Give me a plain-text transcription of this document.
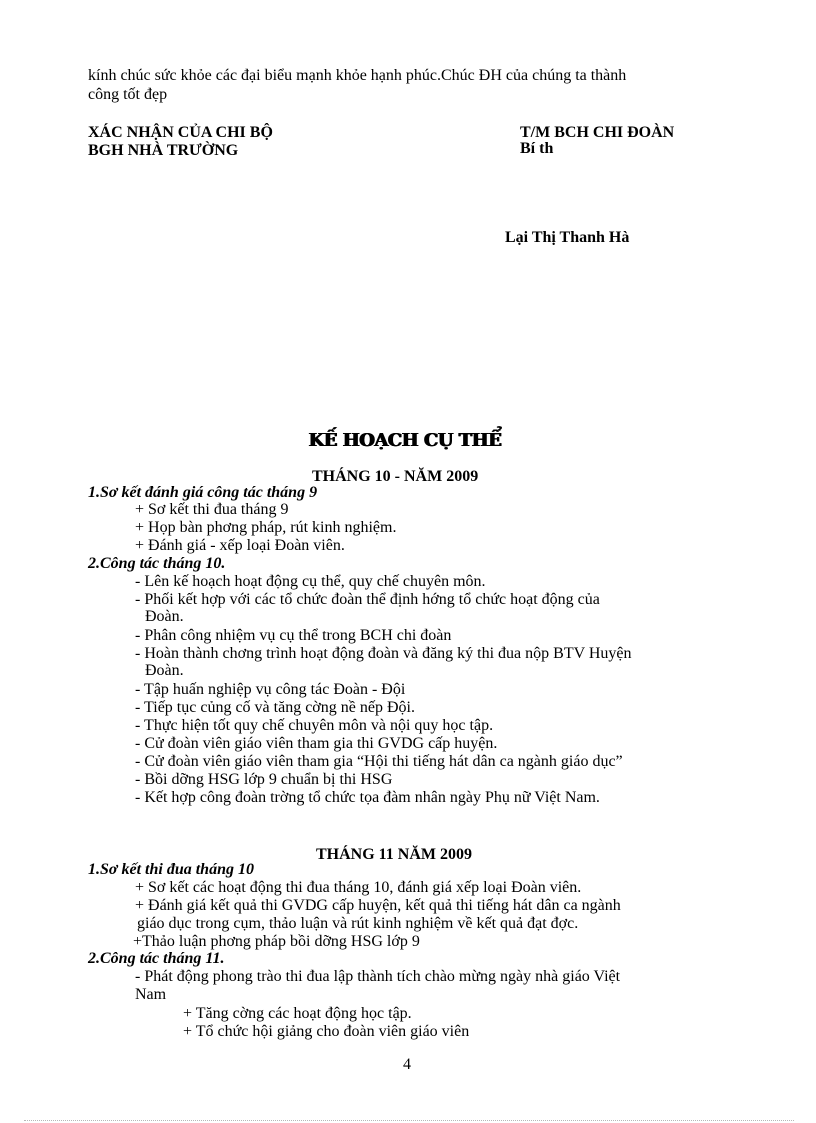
kính chúc sức khỏe các đại biểu mạnh khỏe hạnh phúc.Chúc ĐH của chúng ta thành
công tốt đẹp
XÁC NHẬN CỦA CHI BỘ
BGH NHÀ TRƯỜNG
T/M BCH CHI ĐOÀN
Bí th
Lại Thị Thanh Hà
KẾ HOẠCH CỤ THỂ
THÁNG 10 - NĂM 2009
1.Sơ kết đánh giá công tác tháng 9
+ Sơ kết thi đua tháng 9
+ Họp bàn phơng pháp, rút kinh nghiệm.
+ Đánh giá - xếp loại Đoàn viên.
2.Công tác tháng 10.
- Lên kế hoạch hoạt động cụ thể, quy chế chuyên môn.
- Phối kết hợp với các tổ chức đoàn thể định hớng tổ chức hoạt động của
Đoàn.
- Phân công nhiệm vụ cụ thể trong BCH chi đoàn
- Hoàn thành chơng trình hoạt động đoàn và đăng ký thi đua nộp BTV Huyện
Đoàn.
- Tập huấn nghiệp vụ công tác Đoàn - Đội
- Tiếp tục củng cố và tăng cờng nề nếp Đội.
- Thực hiện tốt quy chế chuyên môn và nội quy học tập.
- Cử đoàn viên giáo viên tham gia thi GVDG cấp huyện.
- Cử đoàn viên giáo viên tham gia “Hội thi tiếng hát dân ca ngành giáo dục”
- Bồi dỡng HSG lớp 9 chuẩn bị thi HSG
- Kết hợp công đoàn trờng tổ chức tọa đàm nhân ngày Phụ nữ Việt Nam.
THÁNG 11 NĂM 2009
1.Sơ kết thi đua tháng 10
+ Sơ kết các hoạt động thi đua tháng 10, đánh giá xếp loại Đoàn viên.
+ Đánh giá kết quả thi GVDG cấp huyện, kết quả thi tiếng hát dân ca ngành
giáo dục trong cụm, thảo luận và rút kinh nghiệm về kết quả đạt đợc.
+Thảo luận phơng pháp bồi dỡng HSG lớp 9
2.Công tác tháng 11.
- Phát động phong trào thi đua lập thành tích chào mừng ngày nhà giáo Việt
Nam
+ Tăng cờng các hoạt động học tập.
+ Tổ chức hội giảng cho đoàn viên giáo viên
4
